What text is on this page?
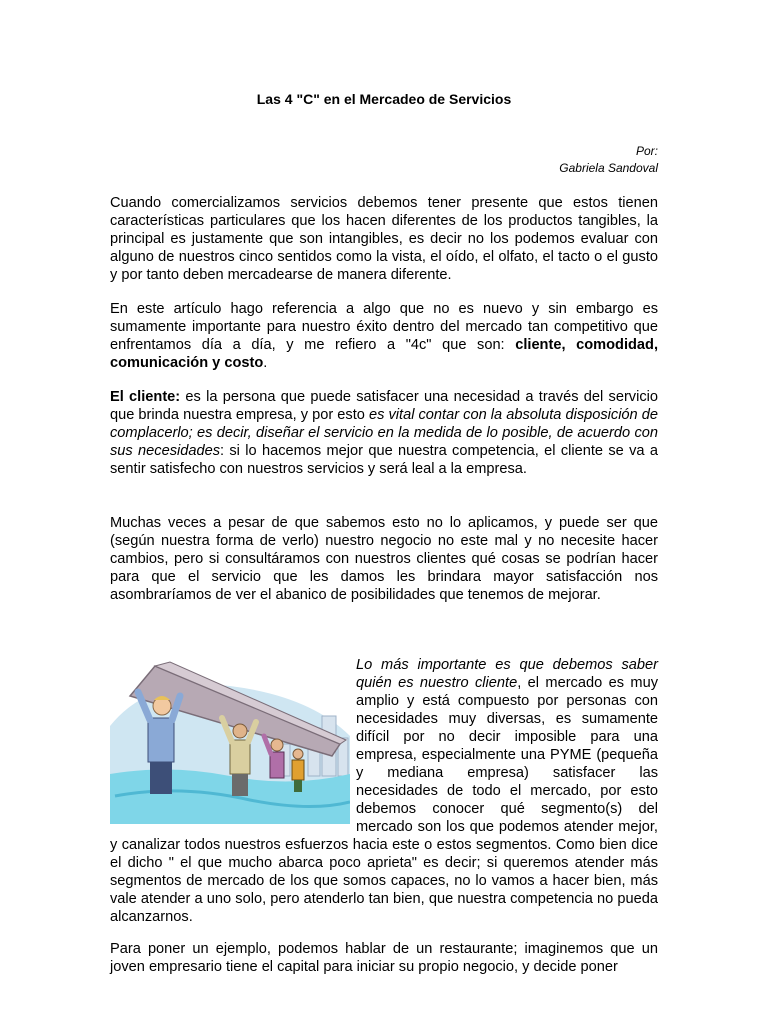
Las 4 "C" en el Mercadeo de Servicios
Por:
Gabriela Sandoval

Cuando comercializamos servicios debemos tener presente que estos tienen características particulares que los hacen diferentes de los productos tangibles, la principal es justamente que son intangibles, es decir no los podemos evaluar con alguno de nuestros cinco sentidos como la vista, el oído, el olfato, el tacto o el gusto y por tanto deben mercadearse de manera diferente.

En este artículo hago referencia a algo que no es nuevo y sin embargo es sumamente importante para nuestro éxito dentro del mercado tan competitivo que enfrentamos día a día, y me refiero a "4c" que son: cliente, comodidad, comunicación y costo.

El cliente: es la persona que puede satisfacer una necesidad a través del servicio que brinda nuestra empresa, y por esto es vital contar con la absoluta disposición de complacerlo; es decir, diseñar el servicio en la medida de lo posible, de acuerdo con sus necesidades: si lo hacemos mejor que nuestra competencia, el cliente se va a sentir satisfecho con nuestros servicios y será leal a la empresa.

Muchas veces a pesar de que sabemos esto no lo aplicamos, y puede ser que (según nuestra forma de verlo) nuestro negocio no este mal y no necesite hacer cambios, pero si consultáramos con nuestros clientes qué cosas se podrían hacer para que el servicio que les damos les brindara mayor satisfacción nos asombraríamos de ver el abanico de posibilidades que tenemos de mejorar.

Lo más importante es que debemos saber quién es nuestro cliente, el mercado es muy amplio y está compuesto por personas con necesidades muy diversas, es sumamente difícil por no decir imposible para una empresa, especialmente una PYME (pequeña y mediana empresa) satisfacer las necesidades de todo el mercado, por esto debemos conocer qué segmento(s) del mercado son los que podemos atender mejor, y canalizar todos nuestros esfuerzos hacia este o estos segmentos. Como bien dice el dicho " el que mucho abarca poco aprieta" es decir; si queremos atender más segmentos de mercado de los que somos capaces, no lo vamos a hacer bien, más vale atender a uno solo, pero atenderlo tan bien, que nuestra competencia no pueda alcanzarnos.

Para poner un ejemplo, podemos hablar de un restaurante; imaginemos que un joven empresario tiene el capital para iniciar su propio negocio, y decide poner
